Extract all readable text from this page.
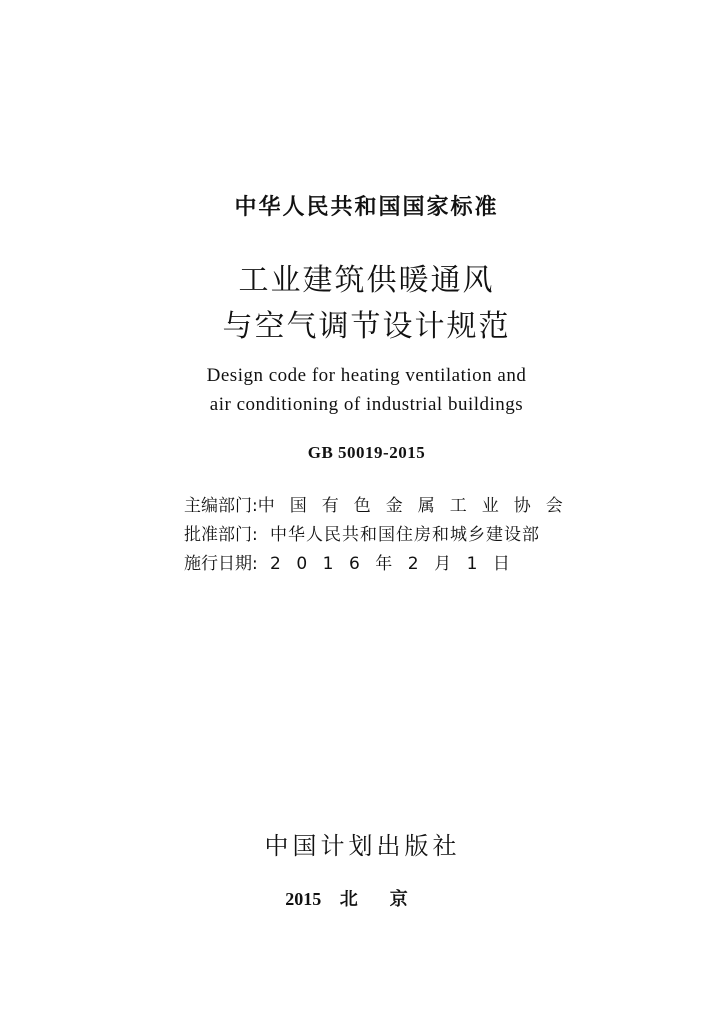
中华人民共和国国家标准
工业建筑供暖通风
与空气调节设计规范
Design code for heating ventilation and
air conditioning of industrial buildings
GB 50019-2015
主编部门: 中国有色金属工业协会
批准部门: 中华人民共和国住房和城乡建设部
施行日期: 2016年2月1日
中国计划出版社
2015 北京
